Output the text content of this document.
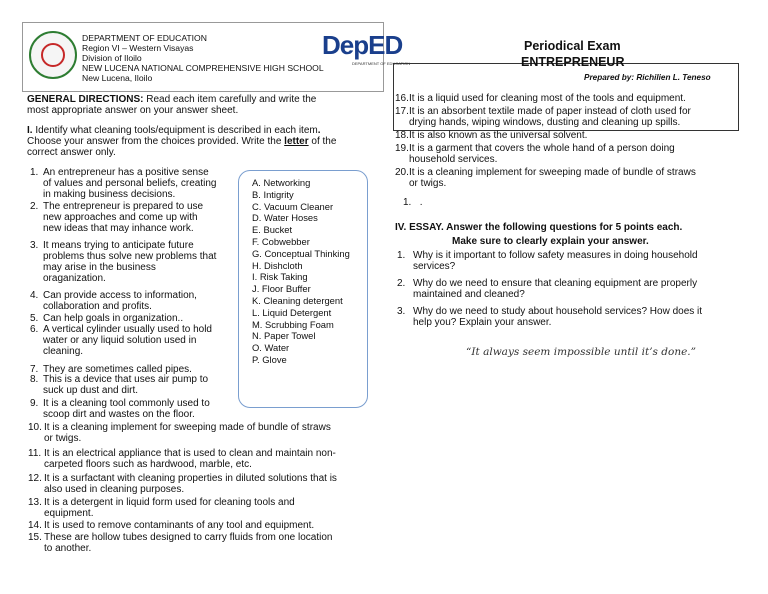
DEPARTMENT OF EDUCATION
Region VI – Western Visayas
Division of Iloilo
NEW LUCENA NATIONAL COMPREHENSIVE HIGH SCHOOL
New Lucena, Iloilo
DepED
DEPARTMENT OF EDUCATION
Periodical Exam
ENTREPRENEUR
Prepared by: Richilien L. Teneso
GENERAL DIRECTIONS: Read each item carefully and write the
most appropriate answer on your answer sheet.
I. Identify what cleaning tools/equipment is described in each item.
Choose your answer from the choices provided. Write the letter of the
correct answer only.
A. Networking
B. Intigrity
C. Vacuum Cleaner
D. Water Hoses
E. Bucket
F. Cobwebber
G. Conceptual Thinking
H. Dishcloth
I. Risk Taking
J. Floor Buffer
K. Cleaning detergent
L. Liquid Detergent
M. Scrubbing Foam
N. Paper Towel
O. Water
P. Glove
1. An entrepreneur has a positive sense
of values and personal beliefs, creating
in making business decisions.
2. The entrepreneur is prepared to use
new approaches and come up with
new ideas that may inhance work.
3. It means trying to anticipate future
problems thus solve new problems that
may arise in the business
oraganization.
4. Can provide access to information,
collaboration and profits.
5. Can help goals in organization..
6. A vertical cylinder usually used to hold
water or any liquid solution used in
cleaning.
7. They are sometimes called pipes.
8. This is a device that uses air pump to
suck up dust and dirt.
9. It is a cleaning tool commonly used to
scoop dirt and wastes on the floor.
10. It is a cleaning implement for sweeping made of bundle of straws
or twigs.
11. It is an electrical appliance that is used to clean and maintain non-
carpeted floors such as hardwood, marble, etc.
12. It is a surfactant with cleaning properties in diluted solutions that is
also used in cleaning purposes.
13. It is a detergent in liquid form used for cleaning tools and
equipment.
14. It is used to remove contaminants of any tool and equipment.
15. These are hollow tubes designed to carry fluids from one location
to another.
16. It is a liquid used for cleaning most of the tools and equipment.
17. It is an absorbent textile made of paper instead of cloth used for
drying hands, wiping windows, dusting and cleaning up spills.
18. It is also known as the universal solvent.
19. It is a garment that covers the whole hand of a person doing
household services.
20. It is a cleaning implement for sweeping made of bundle of straws
or twigs.
1. .
IV. ESSAY. Answer the following questions for 5 points each.
Make sure to clearly explain your answer.
1. Why is it important to follow safety measures in doing household
services?
2. Why do we need to ensure that cleaning equipment are properly
maintained and cleaned?
3. Why do we need to study about household services? How does it
help you? Explain your answer.
“It always seem impossible until it’s done.”
